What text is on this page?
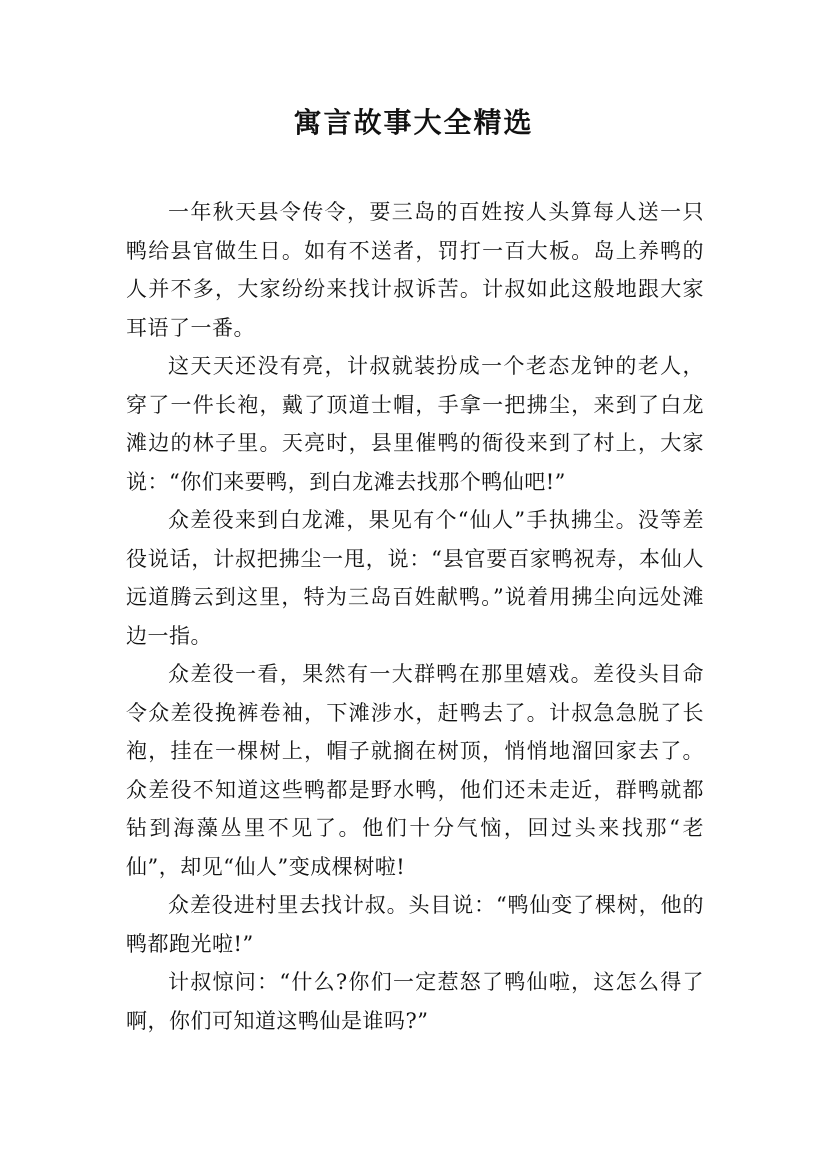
寓言故事大全精选

一年秋天县令传令，要三岛的百姓按人头算每人送一只鸭给县官做生日。如有不送者，罚打一百大板。岛上养鸭的人并不多，大家纷纷来找计叔诉苦。计叔如此这般地跟大家耳语了一番。

这天天还没有亮，计叔就装扮成一个老态龙钟的老人，穿了一件长袍，戴了顶道士帽，手拿一把拂尘，来到了白龙滩边的林子里。天亮时，县里催鸭的衙役来到了村上，大家说：“你们来要鸭，到白龙滩去找那个鸭仙吧!”

众差役来到白龙滩，果见有个“仙人”手执拂尘。没等差役说话，计叔把拂尘一甩，说：“县官要百家鸭祝寿，本仙人远道腾云到这里，特为三岛百姓献鸭。”说着用拂尘向远处滩边一指。

众差役一看，果然有一大群鸭在那里嬉戏。差役头目命令众差役挽裤卷袖，下滩涉水，赶鸭去了。计叔急急脱了长袍，挂在一棵树上，帽子就搁在树顶，悄悄地溜回家去了。众差役不知道这些鸭都是野水鸭，他们还未走近，群鸭就都钻到海藻丛里不见了。他们十分气恼，回过头来找那“老仙”，却见“仙人”变成棵树啦!

众差役进村里去找计叔。头目说：“鸭仙变了棵树，他的鸭都跑光啦!”

计叔惊问：“什么?你们一定惹怒了鸭仙啦，这怎么得了啊，你们可知道这鸭仙是谁吗?”
